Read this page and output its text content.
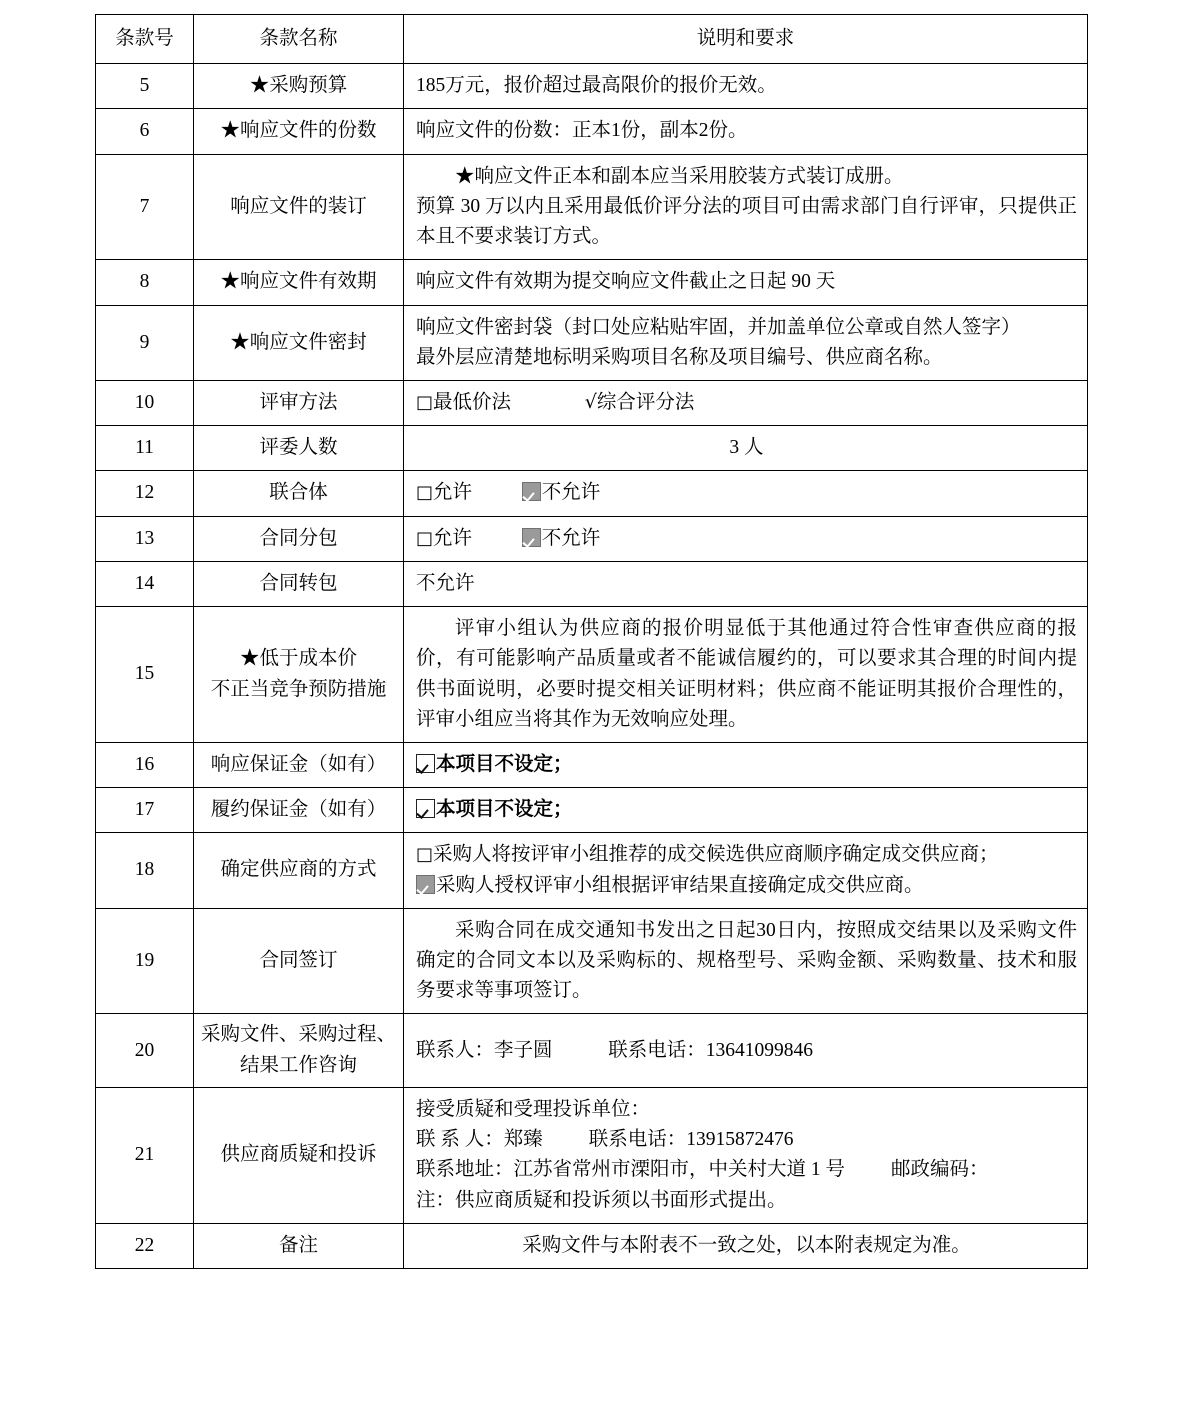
条款号	条款名称	说明和要求
5	★采购预算	185万元，报价超过最高限价的报价无效。
6	★响应文件的份数	响应文件的份数：正本1份，副本2份。
7	响应文件的装订	★响应文件正本和副本应当采用胶装方式装订成册。
预算 30 万以内且采用最低价评分法的项目可由需求部门自行评审，只提供正本且不要求装订方式。

8	★响应文件有效期	响应文件有效期为提交响应文件截止之日起 90 天
9	★响应文件密封	响应文件密封袋（封口处应粘贴牢固，并加盖单位公章或自然人签字）
最外层应清楚地标明采购项目名称及项目编号、供应商名称。

10	评审方法	□最低价法 √综合评分法
11	评委人数	3 人
12	联合体	□允许 不允许
13	合同分包	□允许 不允许
14	合同转包	不允许
15	★低于成本价
不正当竞争预防措施	评审小组认为供应商的报价明显低于其他通过符合性审查供应商的报价，有可能影响产品质量或者不能诚信履约的，可以要求其合理的时间内提供书面说明，必要时提交相关证明材料；供应商不能证明其报价合理性的，评审小组应当将其作为无效响应处理。

16	响应保证金（如有）	本项目不设定；
17	履约保证金（如有）	本项目不设定；
18	确定供应商的方式	□采购人将按评审小组推荐的成交候选供应商顺序确定成交供应商；
采购人授权评审小组根据评审结果直接确定成交供应商。

19	合同签订	采购合同在成交通知书发出之日起30日内，按照成交结果以及采购文件确定的合同文本以及采购标的、规格型号、采购金额、采购数量、技术和服务要求等事项签订。

20	采购文件、采购过程、
结果工作咨询	联系人：李子圆 联系电话：13641099846
21	供应商质疑和投诉	接受质疑和受理投诉单位：
联 系 人：郑臻 联系电话：13915872476
联系地址：江苏省常州市溧阳市，中关村大道 1 号 邮政编码：
注：供应商质疑和投诉须以书面形式提出。

22	备注	采购文件与本附表不一致之处，以本附表规定为准。
